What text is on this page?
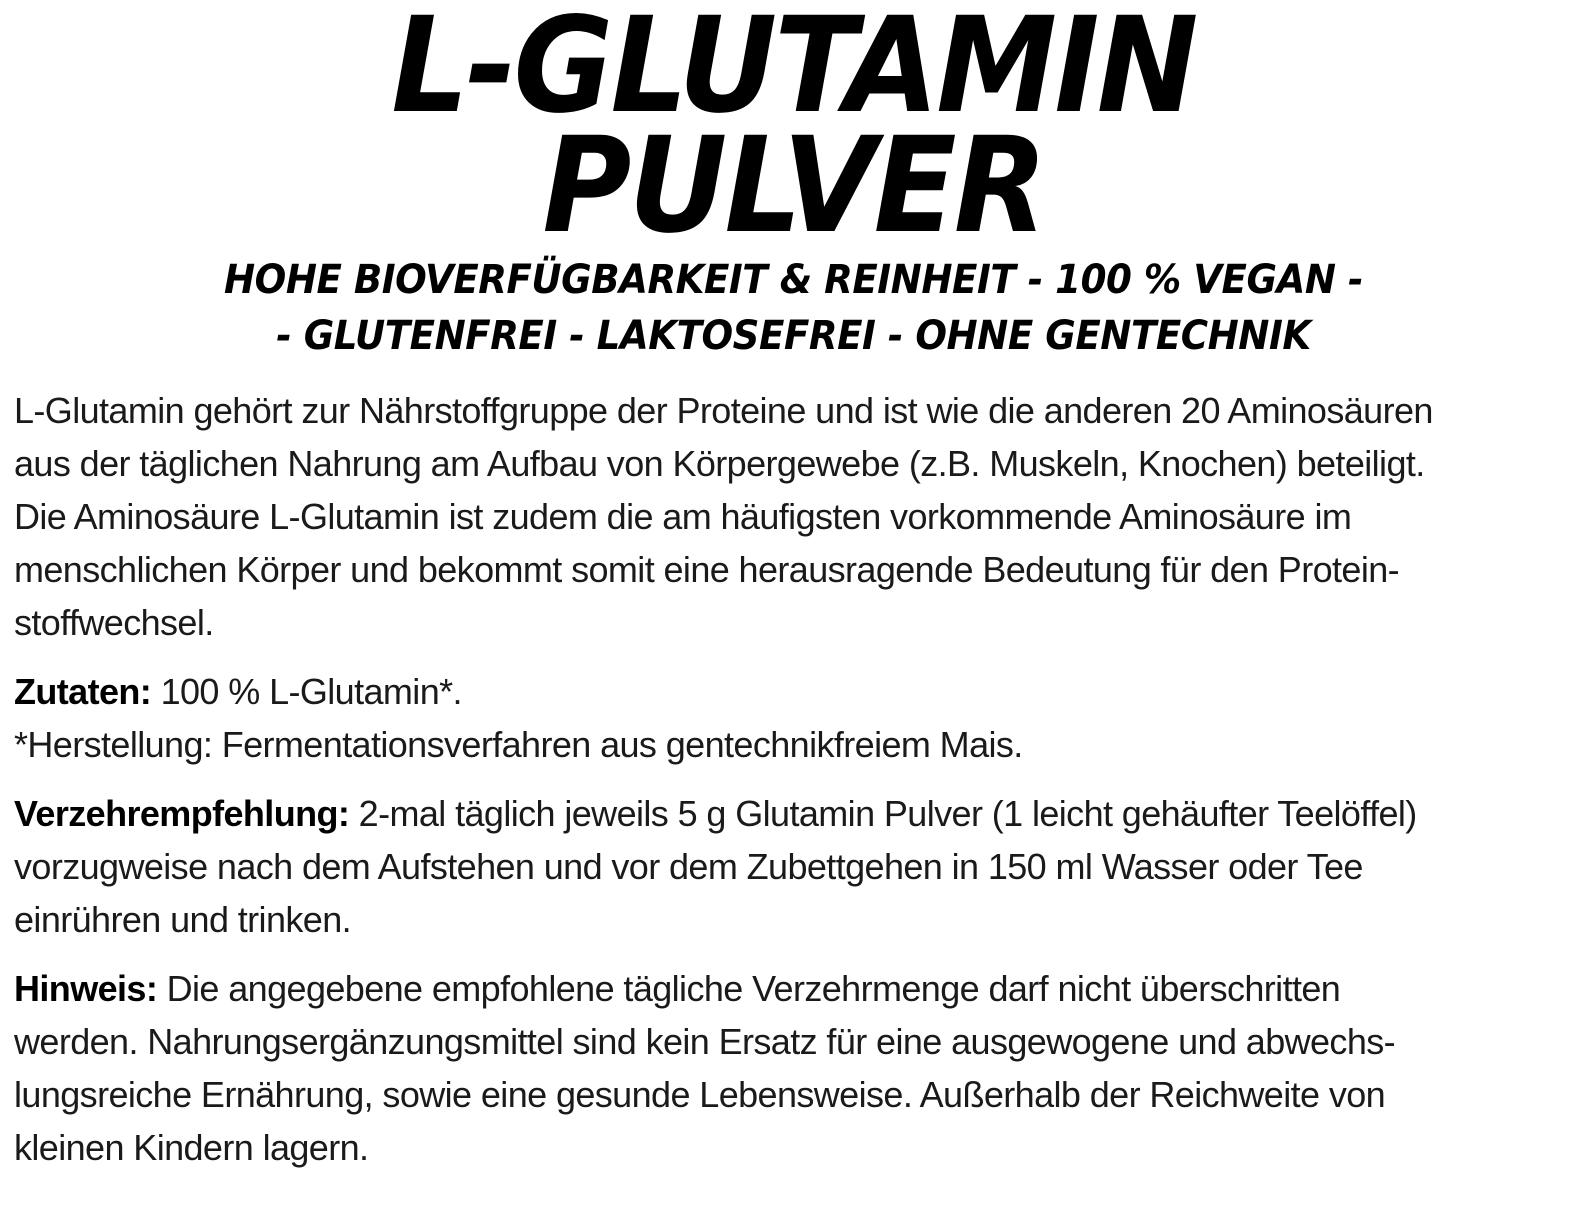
L-GLUTAMIN
PULVER
HOHE BIOVERFÜGBARKEIT & REINHEIT - 100 % VEGAN -
- GLUTENFREI - LAKTOSEFREI - OHNE GENTECHNIK

L-Glutamin gehört zur Nährstoffgruppe der Proteine und ist wie die anderen 20 Aminosäuren
aus der täglichen Nahrung am Aufbau von Körpergewebe (z.B. Muskeln, Knochen) beteiligt.
Die Aminosäure L-Glutamin ist zudem die am häufigsten vorkommende Aminosäure im
menschlichen Körper und bekommt somit eine herausragende Bedeutung für den Protein-
stoffwechsel.

Zutaten: 100 % L-Glutamin*.
*Herstellung: Fermentationsverfahren aus gentechnikfreiem Mais.

Verzehrempfehlung: 2-mal täglich jeweils 5 g Glutamin Pulver (1 leicht gehäufter Teelöffel)
vorzugweise nach dem Aufstehen und vor dem Zubettgehen in 150 ml Wasser oder Tee
einrühren und trinken.

Hinweis: Die angegebene empfohlene tägliche Verzehrmenge darf nicht überschritten
werden. Nahrungsergänzungsmittel sind kein Ersatz für eine ausgewogene und abwechs-
lungsreiche Ernährung, sowie eine gesunde Lebensweise. Außerhalb der Reichweite von
kleinen Kindern lagern.
